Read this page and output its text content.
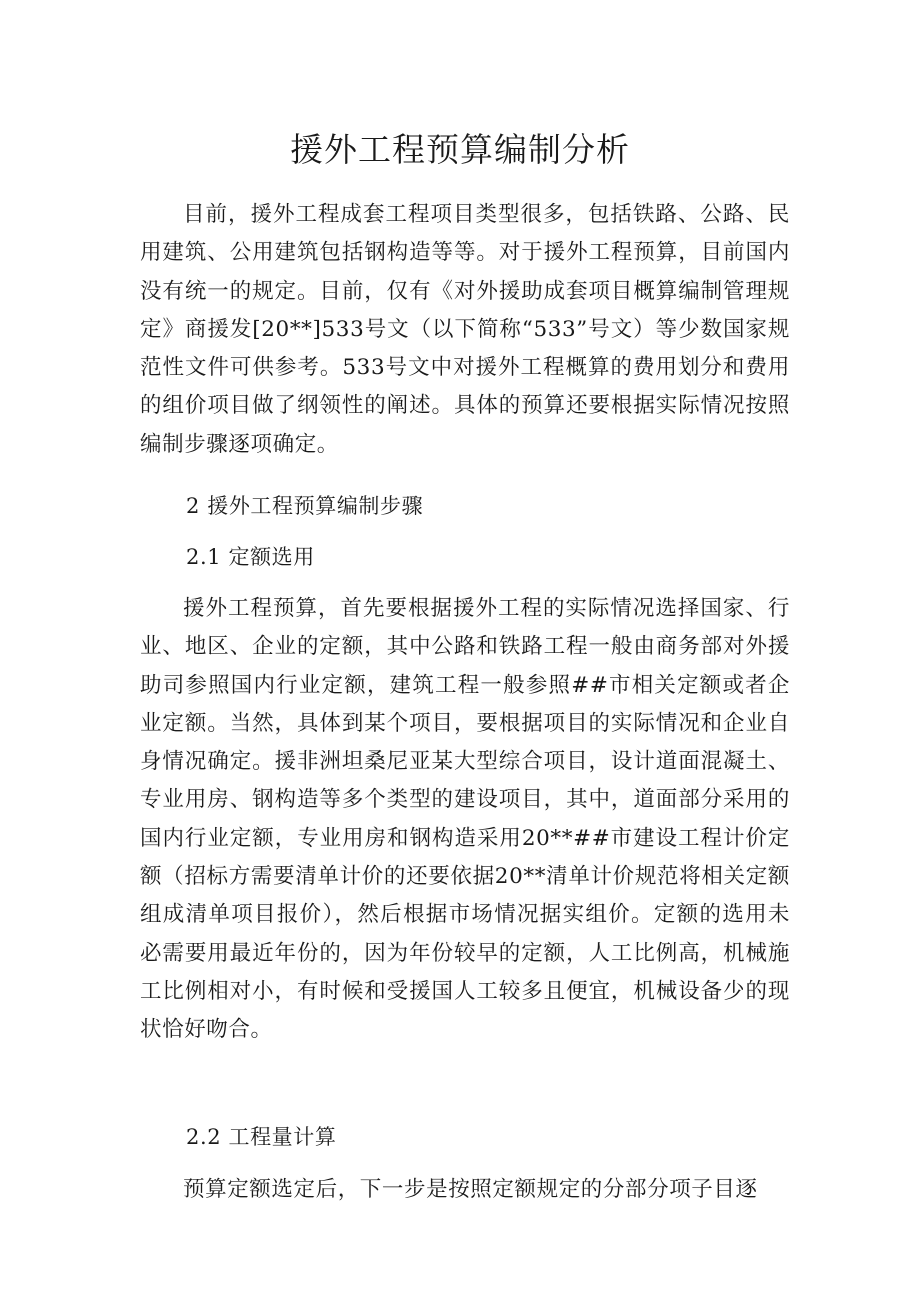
援外工程预算编制分析

目前，援外工程成套工程项目类型很多，包括铁路、公路、民用建筑、公用建筑包括钢构造等等。对于援外工程预算，目前国内没有统一的规定。目前，仅有《对外援助成套项目概算编制管理规定》商援发[20**]533号文（以下简称“533”号文）等少数国家规范性文件可供参考。533号文中对援外工程概算的费用划分和费用的组价项目做了纲领性的阐述。具体的预算还要根据实际情况按照编制步骤逐项确定。

2 援外工程预算编制步骤
2.1 定额选用

援外工程预算，首先要根据援外工程的实际情况选择国家、行业、地区、企业的定额，其中公路和铁路工程一般由商务部对外援助司参照国内行业定额，建筑工程一般参照##市相关定额或者企业定额。当然，具体到某个项目，要根据项目的实际情况和企业自身情况确定。援非洲坦桑尼亚某大型综合项目，设计道面混凝土、专业用房、钢构造等多个类型的建设项目，其中，道面部分采用的国内行业定额，专业用房和钢构造采用20**##市建设工程计价定额（招标方需要清单计价的还要依据20**清单计价规范将相关定额组成清单项目报价），然后根据市场情况据实组价。定额的选用未必需要用最近年份的，因为年份较早的定额，人工比例高，机械施工比例相对小，有时候和受援国人工较多且便宜，机械设备少的现状恰好吻合。

2.2 工程量计算

预算定额选定后，下一步是按照定额规定的分部分项子目逐
